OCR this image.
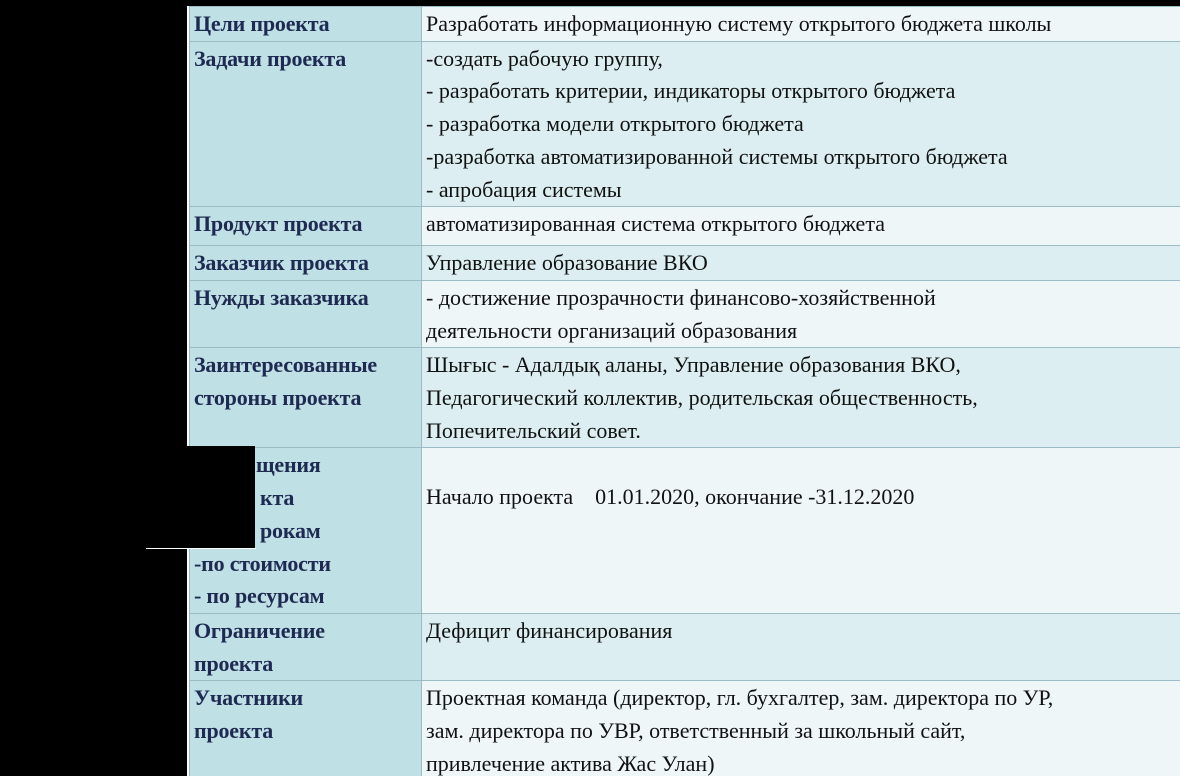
Цели проекта	Разработать информационную систему открытого бюджета школы

Задачи проекта	-создать рабочую группу,
- разработать критерии, индикаторы открытого бюджета
- разработка модели открытого бюджета
-разработка автоматизированной системы открытого бюджета
- апробация системы

Продукт проекта	автоматизированная система открытого бюджета

Заказчик проекта	Управление образование ВКО

Нужды заказчика	- достижение прозрачности финансово-хозяйственной
деятельности организаций образования

Заинтересованные
стороны проекта	Шығыс - Адалдық аланы, Управление образования ВКО,
Педагогический коллектив, родительская общественность,
Попечительский совет.

щения
кта
рокам
-по стоимости
- по ресурсам	Начало проекта    01.01.2020, окончание -31.12.2020

Ограничение
проекта	Дефицит финансирования

Участники
проекта	Проектная команда (директор, гл. бухгалтер, зам. директора по УР,
зам. директора по УВР, ответственный за школьный сайт,
привлечение актива Жас Улан)
